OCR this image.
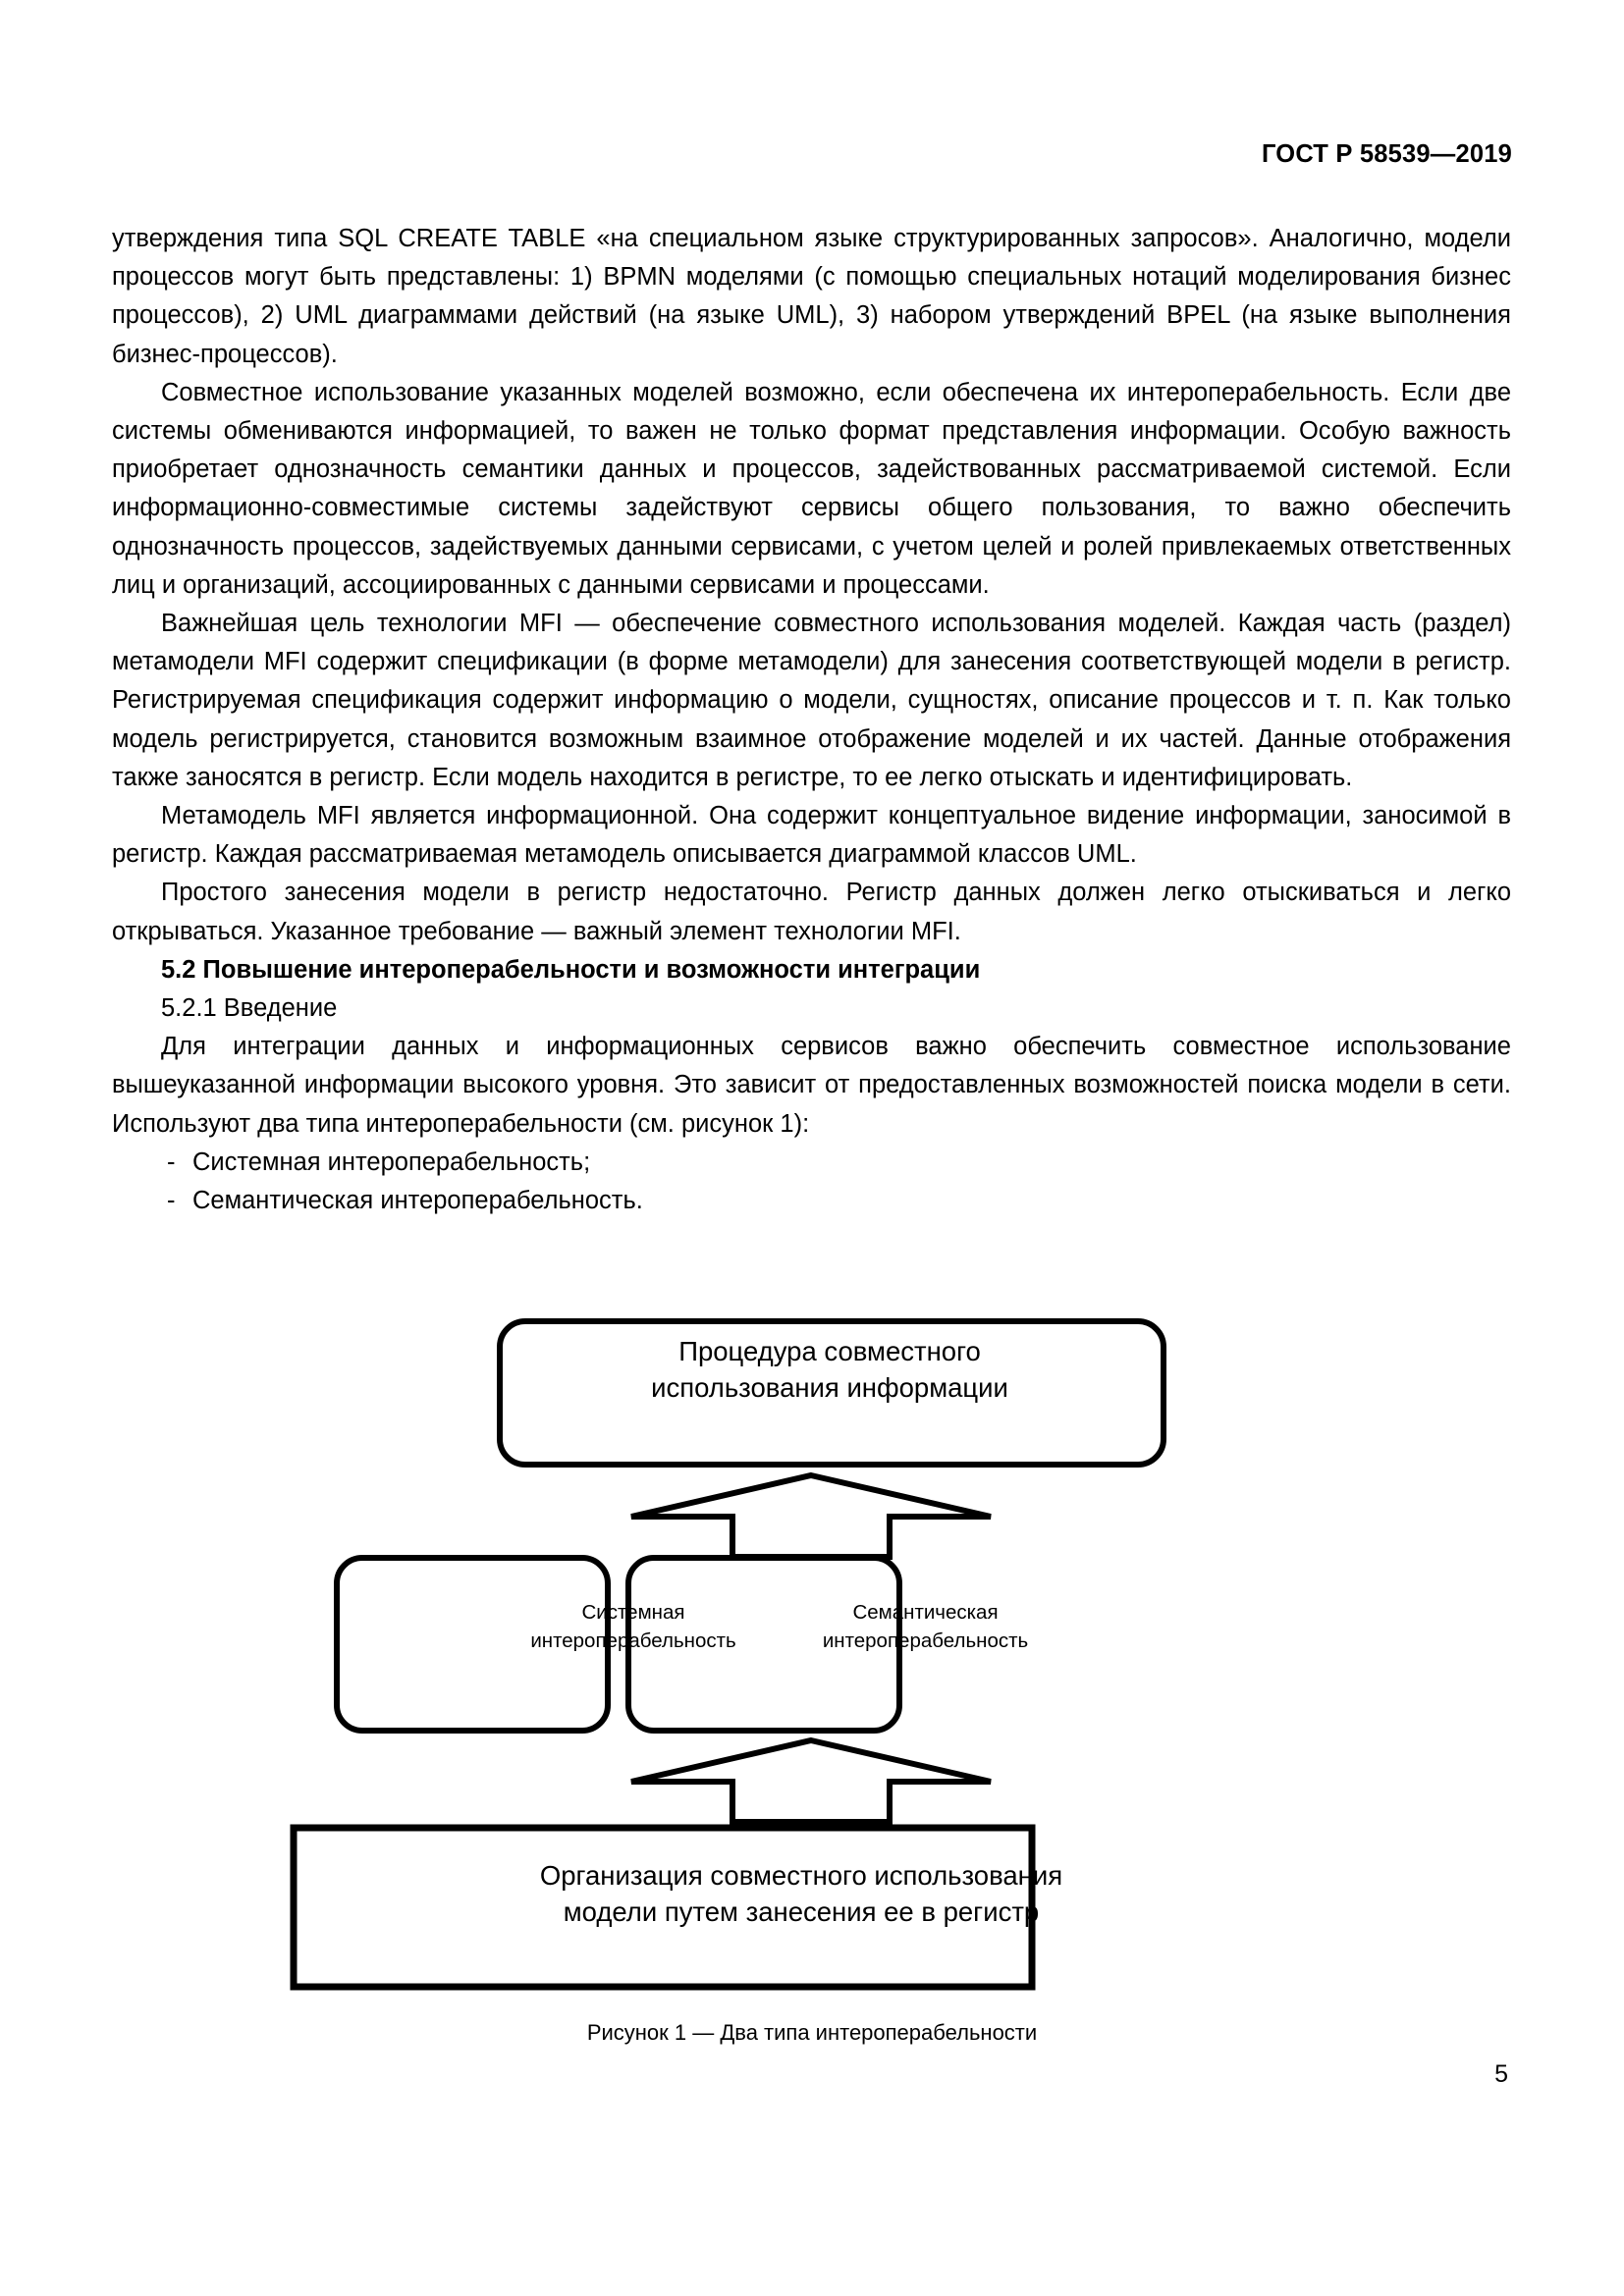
ГОСТ Р 58539—2019

утверждения типа SQL CREATE TABLE «на специальном языке структурированных запросов». Аналогично, модели процессов могут быть представлены: 1) BPMN моделями (с помощью специальных нотаций моделирования бизнес процессов), 2) UML диаграммами действий (на языке UML), 3) набором утверждений BPEL (на языке выполнения бизнес-процессов).

Совместное использование указанных моделей возможно, если обеспечена их интероперабельность. Если две системы обмениваются информацией, то важен не только формат представления информации. Особую важность приобретает однозначность семантики данных и процессов, задействованных рассматриваемой системой. Если информационно-совместимые системы задействуют сервисы общего пользования, то важно обеспечить однозначность процессов, задействуемых данными сервисами, с учетом целей и ролей привлекаемых ответственных лиц и организаций, ассоциированных с данными сервисами и процессами.

Важнейшая цель технологии MFI — обеспечение совместного использования моделей. Каждая часть (раздел) метамодели MFI содержит спецификации (в форме метамодели) для занесения соответствующей модели в регистр. Регистрируемая спецификация содержит информацию о модели, сущностях, описание процессов и т. п. Как только модель регистрируется, становится возможным взаимное отображение моделей и их частей. Данные отображения также заносятся в регистр. Если модель находится в регистре, то ее легко отыскать и идентифицировать.

Метамодель MFI является информационной. Она содержит концептуальное видение информации, заносимой в регистр. Каждая рассматриваемая метамодель описывается диаграммой классов UML.

Простого занесения модели в регистр недостаточно. Регистр данных должен легко отыскиваться и легко открываться. Указанное требование — важный элемент технологии MFI.

5.2 Повышение интероперабельности и возможности интеграции
5.2.1 Введение

Для интеграции данных и информационных сервисов важно обеспечить совместное использование вышеуказанной информации высокого уровня. Это зависит от предоставленных возможностей поиска модели в сети. Используют два типа интероперабельности (см. рисунок 1):

- Системная интероперабельность;
- Семантическая интероперабельность.
Процедура совместного
использования информации
Системная
интероперабельность
Семантическая
интероперабельность
Организация совместного использования
модели путем занесения ее в регистр
Рисунок 1 — Два типа интероперабельности
5
